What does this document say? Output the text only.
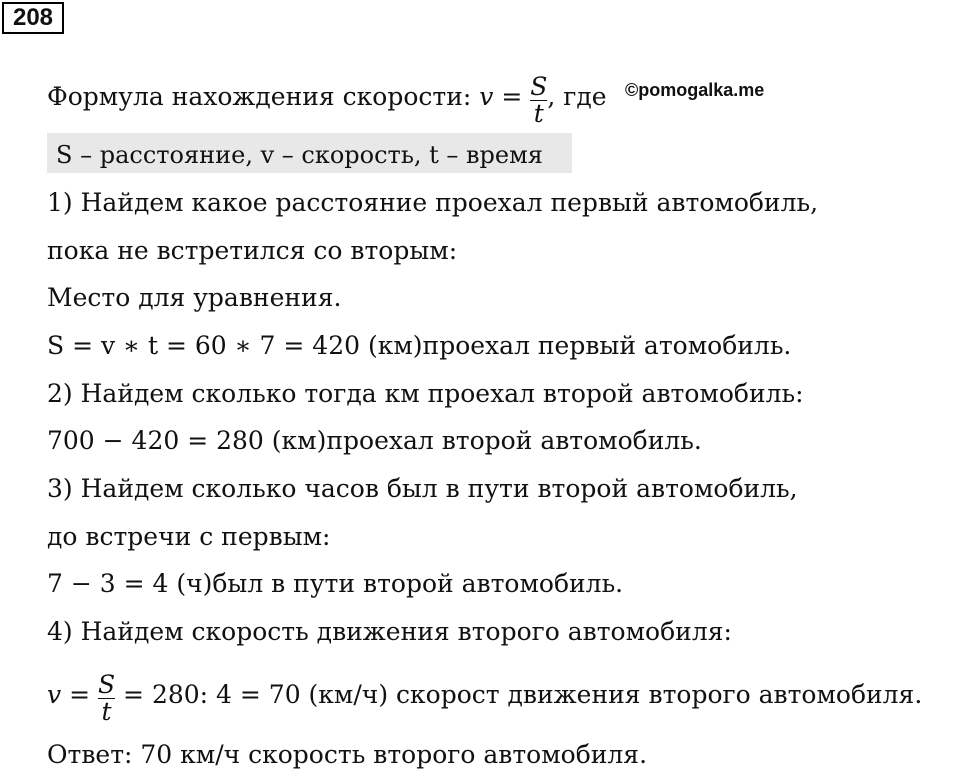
208
Формула нахождения скорости: $v = \frac{S}{t}$ , где ©pomogalka.me
S – расстояние, v – скорость, t – время
1) Найдем какое расстояние проехал первый автомобиль,
пока не встретился со вторым:
Место для уравнения.
S = v ∗ t = 60 ∗ 7 = 420 (км)проехал первый атомобиль.
2) Найдем сколько тогда км проехал второй автомобиль:
700 − 420 = 280 (км)проехал второй автомобиль.
3) Найдем сколько часов был в пути второй автомобиль,
до встречи с первым:
7 − 3 = 4 (ч)был в пути второй автомобиль.
4) Найдем скорость движения второго автомобиля:
$v = \frac{S}{t} = 280$: 4 = 70 (км/ч) скорост движения второго автомобиля.
Ответ: 70 км/ч скорость второго автомобиля.
